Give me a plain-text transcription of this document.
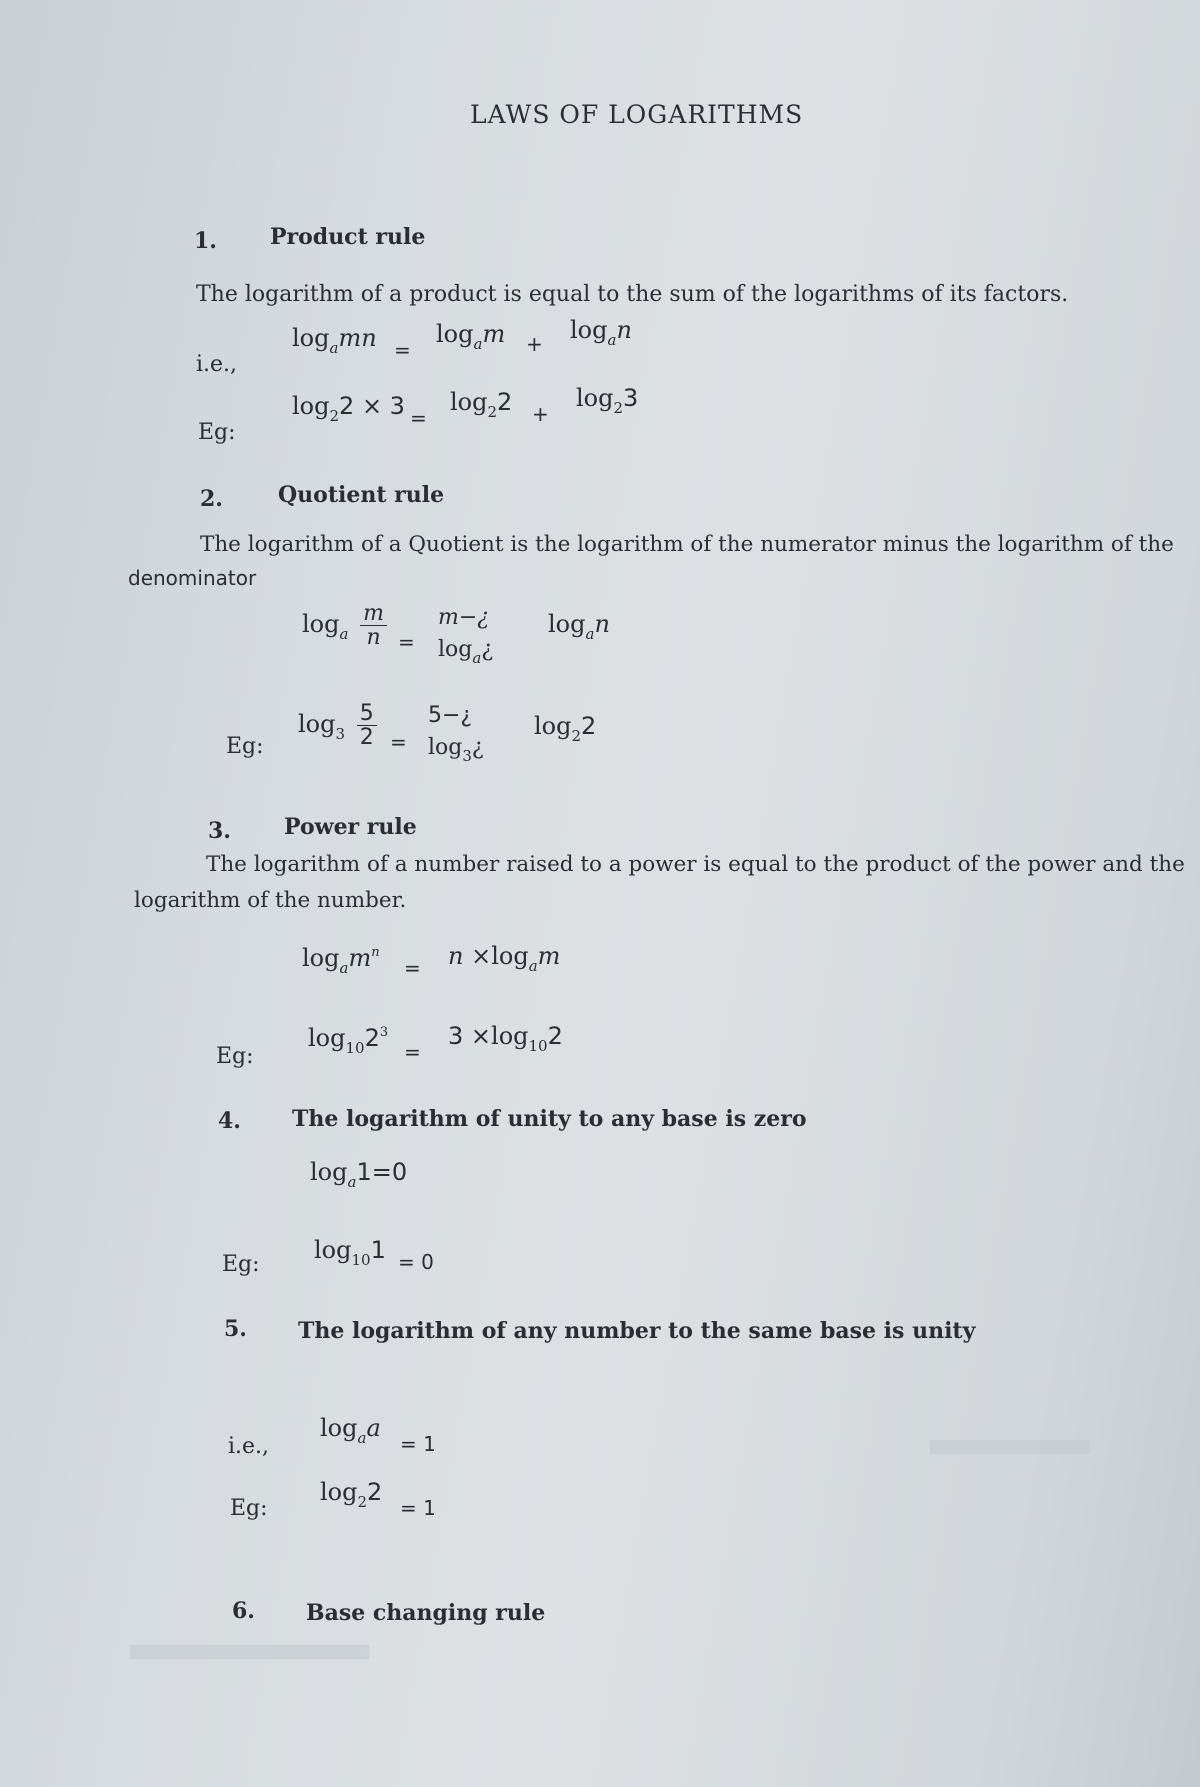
LAWS OF LOGARITHMS
1. Product rule
The logarithm of a product is equal to the sum of the logarithms of its factors.
i.e.,
$\log_amn$ =
$\log_am + \log_an$
Eg:
$\log_22 \times 3$ =
$\log_22$ +
$\log_23$
2.	Quotient rule
The logarithm of a Quotient is the logarithm of the numerator minus the logarithm of the
denominator
$\log_a \frac{m}{n}$ =
m−¿
$\log_a¿$
$\log_an$
Eg:
$\log_3 \frac{5}{2}$ =
5−¿
$\log_3¿$
$\log_22$
3. Power rule
The logarithm of a number raised to a power is equal to the product of the power and the
logarithm of the number.
$\log_am^n$
= $n \times\log_am$
Eg:
$\log_{10}2^3$
=
$3 \times\log_{10}2$
4. The logarithm of unity to any base is zero
$\log_a1=0$
Eg:
$\log_{10}1 = 0$
5. The logarithm of any number to the same base is unity
i.e.,
$\log_aa$
= 1
Eg:
$\log_22$
= 1
6. Base changing rule
